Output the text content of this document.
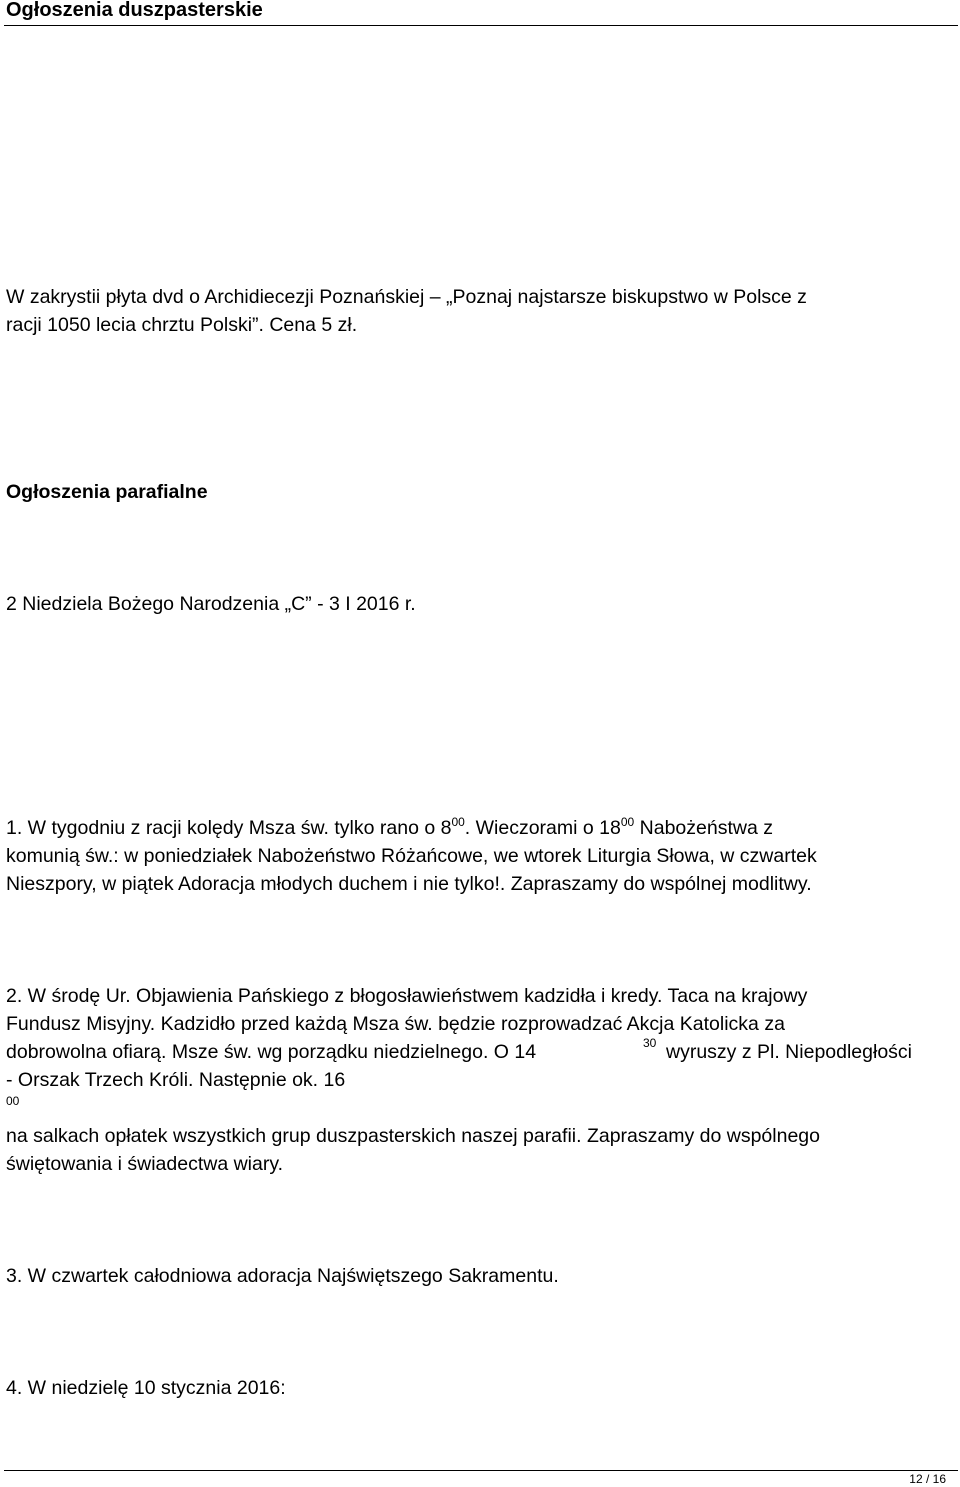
Ogłoszenia duszpasterskie
W zakrystii płyta dvd o Archidiecezji Poznańskiej – „Poznaj najstarsze biskupstwo w Polsce z
racji 1050 lecia chrztu Polski”. Cena 5 zł.
Ogłoszenia parafialne
2 Niedziela Bożego Narodzenia „C” - 3 I 2016 r.
1. W tygodniu z racji kolędy Msza św. tylko rano o $8^{00}$. Wieczorami o $18^{00}$ Nabożeństwa z
komunią św.: w poniedziałek Nabożeństwo Różańcowe, we wtorek Liturgia Słowa, w czwartek
Nieszpory, w piątek Adoracja młodych duchem i nie tylko!. Zapraszamy do wspólnej modlitwy.
2. W środę Ur. Objawienia Pańskiego z błogosławieństwem kadzidła i kredy. Taca na krajowy
Fundusz Misyjny. Kadzidło przed każdą Msza św. będzie rozprowadzać Akcja Katolicka za
dobrowolna ofiarą. Msze św. wg porządku niedzielnego. O 14	30 wyruszy z Pl. Niepodległości
- Orszak Trzech Króli. Następnie ok. 16
00
na salkach opłatek wszystkich grup duszpasterskich naszej parafii. Zapraszamy do wspólnego
świętowania i świadectwa wiary.
3. W czwartek całodniowa adoracja Najświętszego Sakramentu.
4. W niedzielę 10 stycznia 2016:
12 / 16
